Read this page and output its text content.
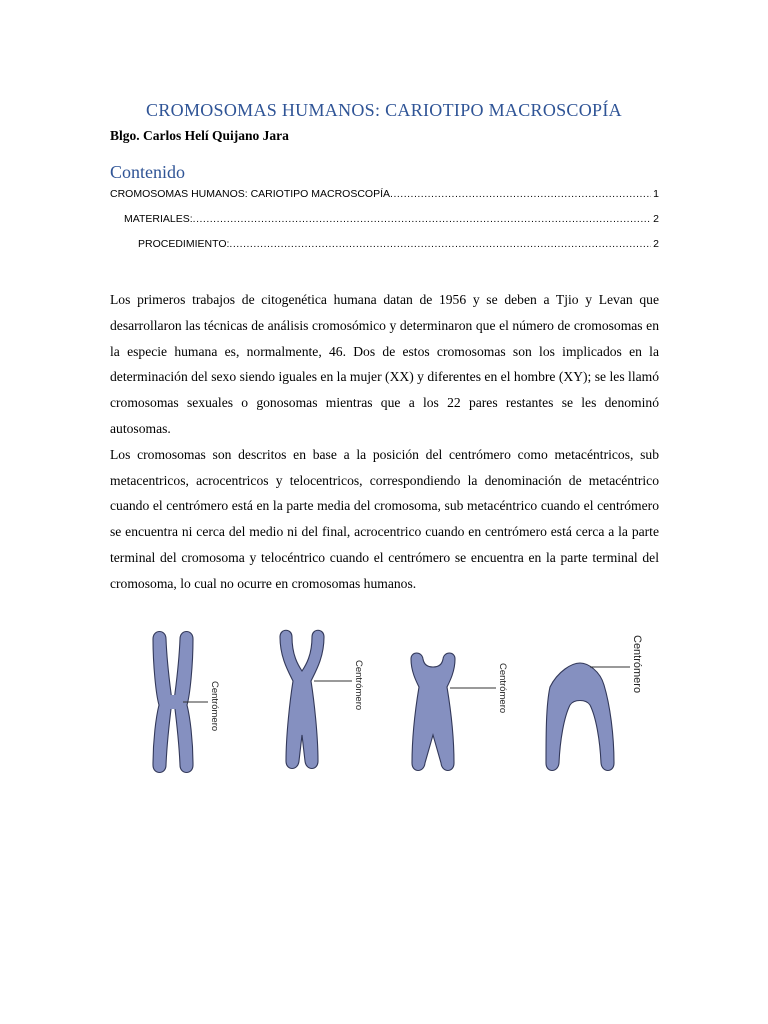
CROMOSOMAS HUMANOS: CARIOTIPO MACROSCOPÍA
Blgo. Carlos Helí Quijano Jara
Contenido
CROMOSOMAS HUMANOS: CARIOTIPO MACROSCOPÍA .....	1
MATERIALES: .....	2
PROCEDIMIENTO: .....	2

Los primeros trabajos de citogenética humana datan de 1956 y se deben a Tjio y Levan que desarrollaron las técnicas de análisis cromosómico y determinaron que el número de cromosomas en la especie humana es, normalmente, 46. Dos de estos cromosomas son los implicados en la determinación del sexo siendo iguales en la mujer (XX) y diferentes en el hombre (XY); se les llamó cromosomas sexuales o gonosomas mientras que a los 22 pares restantes se les denominó autosomas.

Los cromosomas son descritos en base a la posición del centrómero como metacéntricos, sub metacentricos, acrocentricos y telocentricos, correspondiendo la denominación de metacéntrico cuando el centrómero está en la parte media del cromosoma, sub metacéntrico cuando el centrómero se encuentra ni cerca del medio ni del final, acrocentrico cuando en centrómero está cerca a la parte terminal del cromosoma y telocéntrico cuando el centrómero se encuentra en la parte terminal del cromosoma, lo cual no ocurre en cromosomas humanos.

Centrómero	Centrómero	Centrómero	Centrómero
